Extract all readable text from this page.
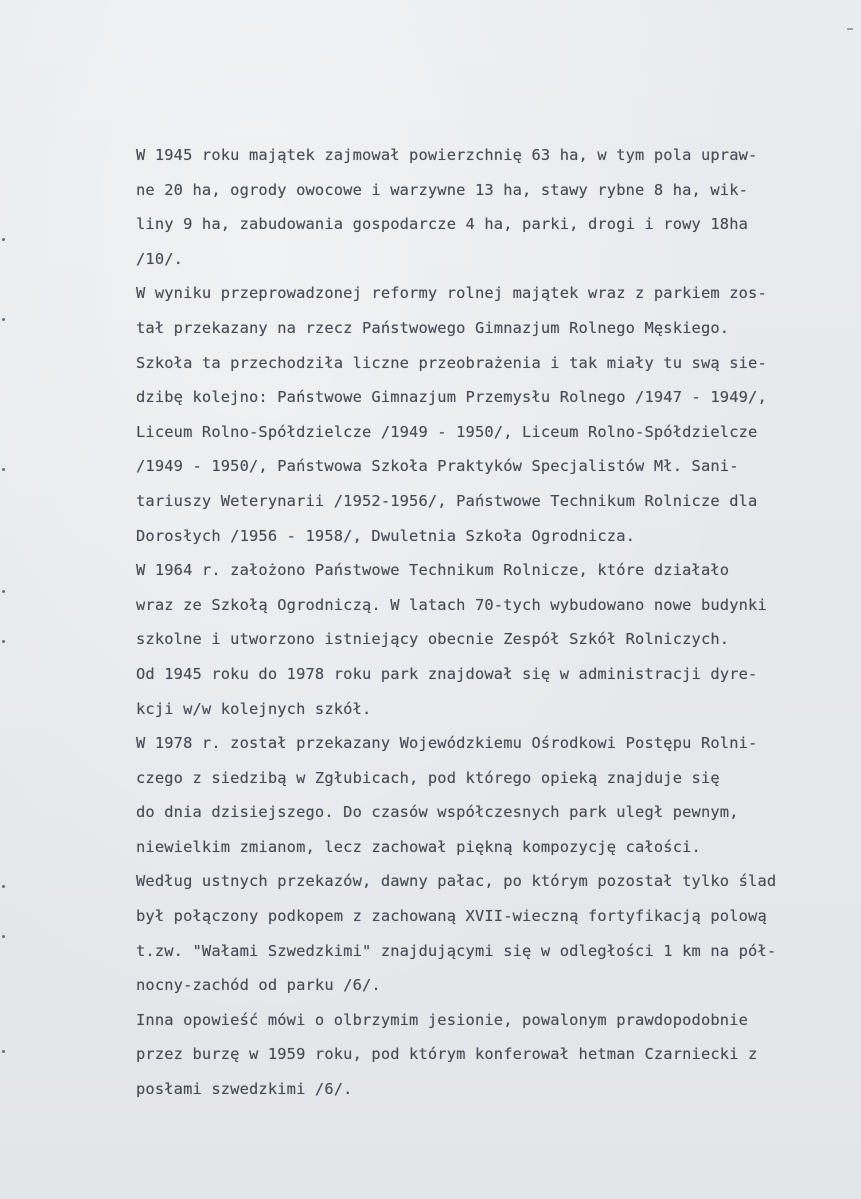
W 1945 roku majątek zajmował powierzchnię 63 ha, w tym pola upraw-
ne 20 ha, ogrody owocowe i warzywne 13 ha, stawy rybne 8 ha, wik-
liny 9 ha, zabudowania gospodarcze 4 ha, parki, drogi i rowy 18ha
/10/.
W wyniku przeprowadzonej reformy rolnej majątek wraz z parkiem zos-
tał przekazany na rzecz Państwowego Gimnazjum Rolnego Męskiego.
Szkoła ta przechodziła liczne przeobrażenia i tak miały tu swą sie-
dzibę kolejno: Państwowe Gimnazjum Przemysłu Rolnego /1947 - 1949/,
Liceum Rolno-Spółdzielcze /1949 - 1950/, Liceum Rolno-Spółdzielcze
/1949 - 1950/, Państwowa Szkoła Praktyków Specjalistów Mł. Sani-
tariuszy Weterynarii /1952-1956/, Państwowe Technikum Rolnicze dla
Dorosłych /1956 - 1958/, Dwuletnia Szkoła Ogrodnicza.
W 1964 r. założono Państwowe Technikum Rolnicze, które działało
wraz ze Szkołą Ogrodniczą. W latach 70-tych wybudowano nowe budynki
szkolne i utworzono istniejący obecnie Zespół Szkół Rolniczych.
Od 1945 roku do 1978 roku park znajdował się w administracji dyre-
kcji w/w kolejnych szkół.
W 1978 r. został przekazany Wojewódzkiemu Ośrodkowi Postępu Rolni-
czego z siedzibą w Zgłubicach, pod którego opieką znajduje się
do dnia dzisiejszego. Do czasów współczesnych park uległ pewnym,
niewielkim zmianom, lecz zachował piękną kompozycję całości.
Według ustnych przekazów, dawny pałac, po którym pozostał tylko ślad
był połączony podkopem z zachowaną XVII-wieczną fortyfikacją polową
t.zw. "Wałami Szwedzkimi" znajdującymi się w odległości 1 km na pół-
nocny-zachód od parku /6/.
Inna opowieść mówi o olbrzymim jesionie, powalonym prawdopodobnie
przez burzę w 1959 roku, pod którym konferował hetman Czarniecki z
posłami szwedzkimi /6/.
